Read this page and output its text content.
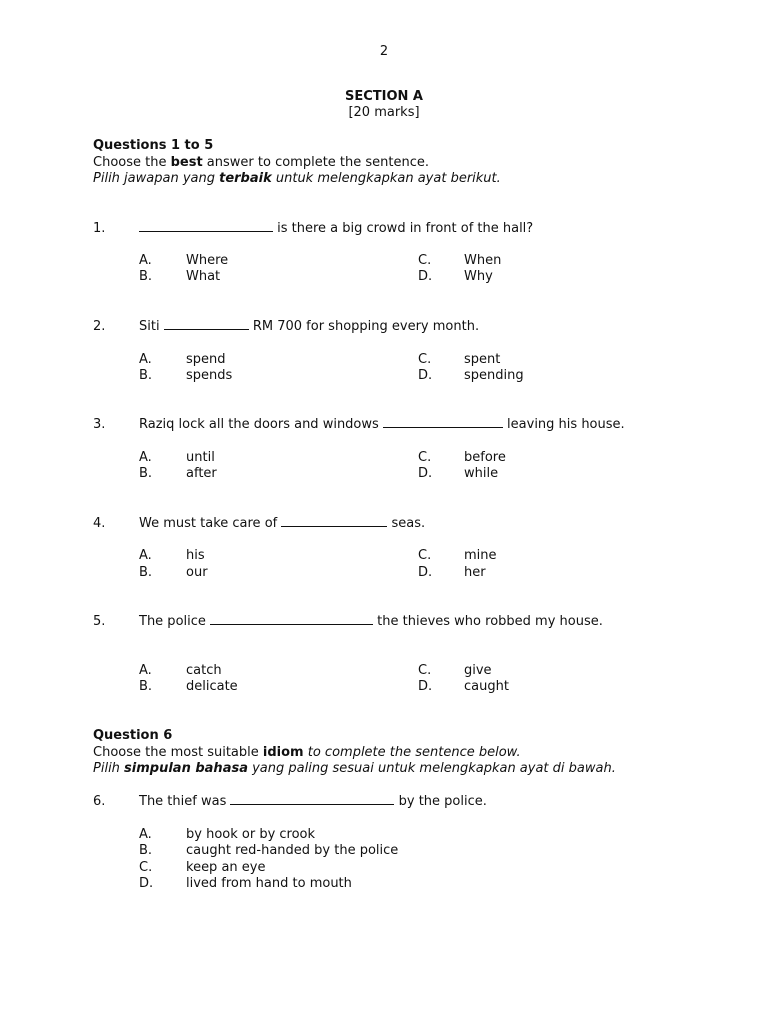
2
SECTION A
[20 marks]
Questions 1 to 5
Choose the best answer to complete the sentence.
Pilih jawapan yang terbaik untuk melengkapkan ayat berikut.
1.	is there a big crowd in front of the hall?
A.	Where	C.	When
B.	What	D. Why
2.	Siti	RM 700 for shopping every month.
A.	spend	C.	spent
B.	spends	D. spending
3.	Raziq lock all the doors and windows	leaving his house.
A.	until	C.	before
B.	after	D. while
4.	We must take care of	seas.
A.	his	C.	mine
B.	our	D. her
5.	The police	the thieves who robbed my house.
A.	catch	C.	give
B.	delicate	D. caught
Question 6
Choose the most suitable idiom to complete the sentence below.
Pilih simpulan bahasa yang paling sesuai untuk melengkapkan ayat di bawah.
6.	The thief was	by the police.
A.	by hook or by crook
B.	caught red-handed by the police
C.	keep an eye
D.	lived from hand to mouth
